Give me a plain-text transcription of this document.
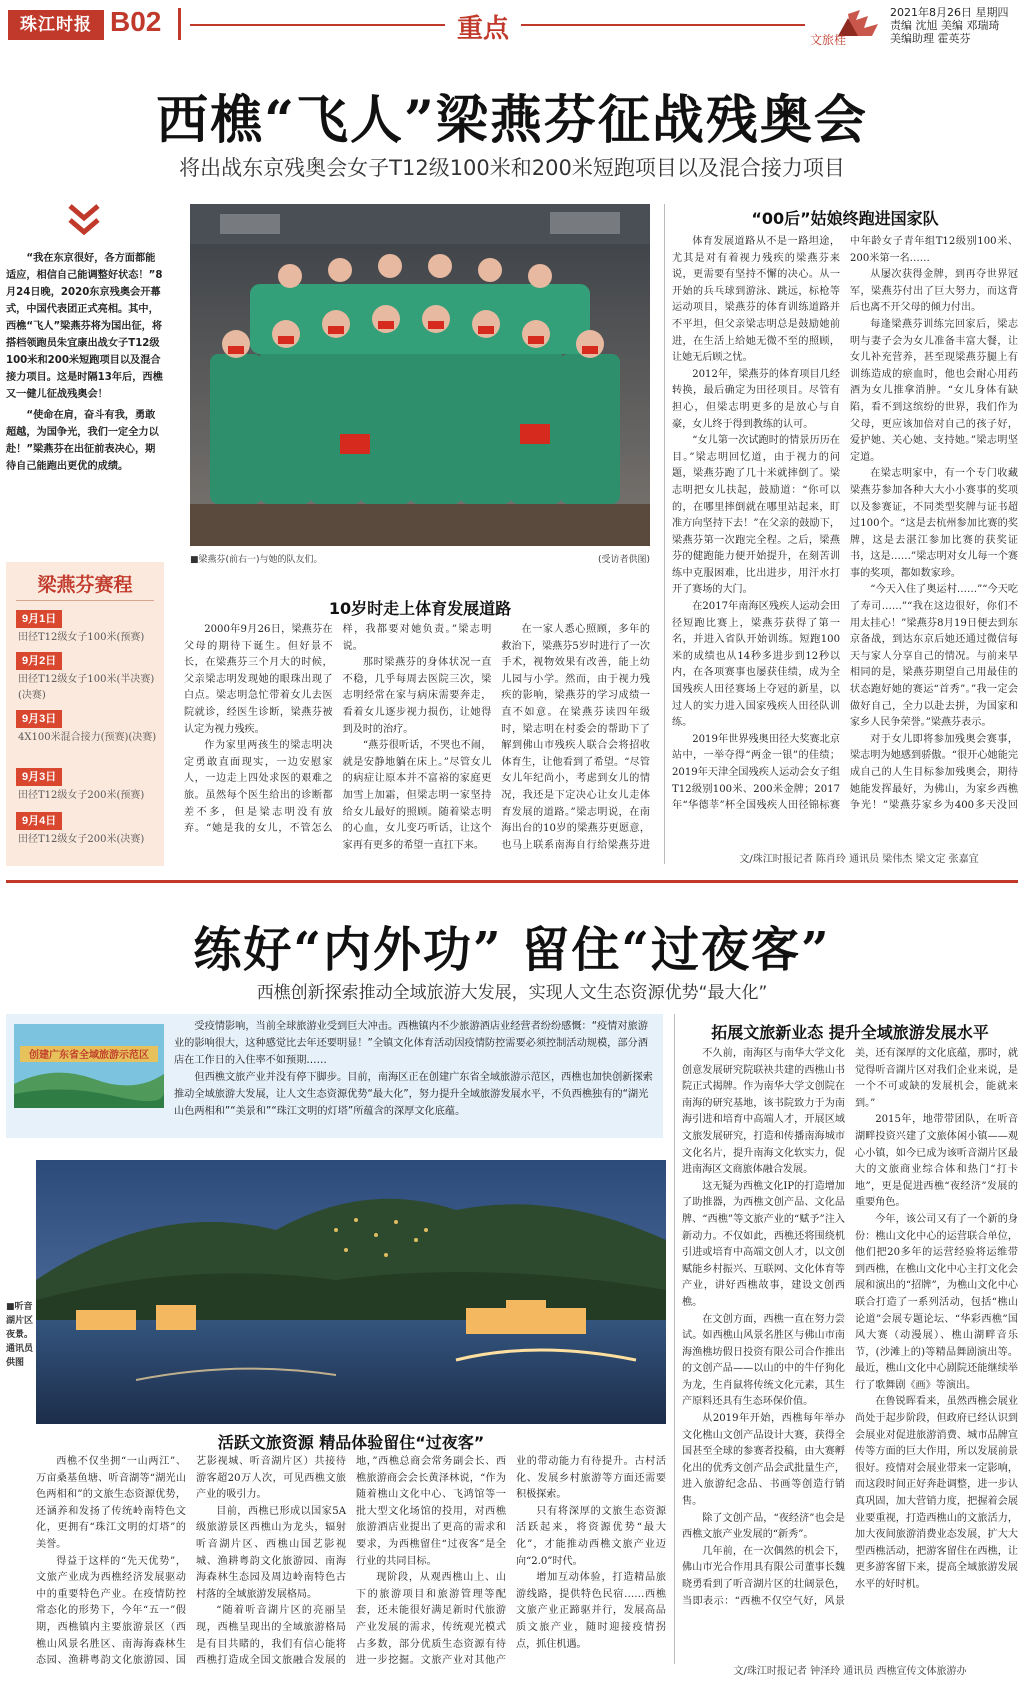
珠江时报 B02	重点	文旅桂
2021年8月26日 星期四
责编 沈旭 美编 邓瑞琦
美编助理 霍英芬
西樵“飞人”梁燕芬征战残奥会
将出战东京残奥会女子T12级100米和200米短跑项目以及混合接力项目

“我在东京很好，各方面都能适应，相信自己能调整好状态！”8月24日晚，2020东京残奥会开幕式，中国代表团正式亮相。其中，西樵“飞人”梁燕芬将为国出征，将搭档领跑员朱宜康出战女子T12级100米和200米短跑项目以及混合接力项目。这是时隔13年后，西樵又一健儿征战残奥会！

“使命在肩，奋斗有我，勇敢超越，为国争光，我们一定全力以赴！”梁燕芬在出征前表决心，期待自己能跑出更优的成绩。

■梁燕芬(前右一)与她的队友们。	(受访者供图)
梁燕芬赛程
9月1日
田径T12级女子100米(预赛)
9月2日
田径T12级女子100米(半决赛)(决赛)
9月3日
4X100米混合接力(预赛)(决赛)
9月3日
田径T12级女子200米(预赛)
9月4日
田径T12级女子200米(决赛)
10岁时走上体育发展道路

2000年9月26日，梁燕芬在父母的期待下诞生。但好景不长，在梁燕芬三个月大的时候，父亲梁志明发现她的眼珠出现了白点。梁志明急忙带着女儿去医院就诊，经医生诊断，梁燕芬被认定为视力残疾。

作为家里两孩生的梁志明决定勇敢直面现实，一边安慰家人，一边走上四处求医的艰难之旅。虽然每个医生给出的诊断都差不多，但是梁志明没有放弃。“她是我的女儿，不管怎么样，我都要对她负责。”梁志明说。

那时梁燕芬的身体状况一直不稳，几乎每周去医院三次，梁志明经常在家与病床需要奔走，看着女儿逐步视力损伤，让她得到及时的治疗。

“燕芬很听话，不哭也不闹，就是安静地躺在床上。”尽管女儿的病症让原本并不富裕的家庭更加雪上加霜，但梁志明一家坚持给女儿最好的照顾。随着梁志明的心血，女儿变巧听话，让这个家再有更多的希望一直扛下来。

在一家人悉心照顾，多年的救治下，梁燕芬5岁时进行了一次手术，视物效果有改善，能上幼儿园与小学。然而，由于视力残疾的影响，梁燕芬的学习成绩一直不如意。在梁燕芬读四年级时，梁志明在村委会的帮助下了解到佛山市残疾人联合会将招收体育生，让他看到了希望。“尽管女儿年纪尚小，考虑到女儿的情况，我还是下定决心让女儿走体育发展的道路。”梁志明说，在南海出台的10岁的梁燕芬更愿意，也马上联系南海自行给梁燕芬进

“00后”姑娘终跑进国家队

体育发展道路从不是一路坦途，尤其是对有着视力残疾的梁燕芬来说，更需要有坚持不懈的决心。从一开始的兵乓球到游泳、跳远，标枪等运动项目，梁燕芬的体育训练道路并不平坦，但父亲梁志明总是鼓励她前进，在生活上给她无微不至的照顾，让她无后顾之忧。

2012年，梁燕芬的体育项目几经转换，最后确定为田径项目。尽管有担心，但梁志明更多的是放心与自豪，女儿终于得到教练的认可。

“女儿第一次试跑时的情景历历在目。”梁志明回忆道，由于视力的问题，梁燕芬跑了几十米就摔倒了。梁志明把女儿扶起，鼓励道：“你可以的，在哪里摔倒就在哪里站起来，盯准方向坚持下去！”在父亲的鼓励下，梁燕芬第一次跑完全程。之后，梁燕芬的健跑能力便开始提升，在刻苦训练中克服困难，比出进步，用汗水打开了赛场的大门。

在2017年南海区残疾人运动会田径短跑比赛上，梁燕芬获得了第一名，并进入省队开始训练。短跑100米的成绩也从14秒多进步到12秒以内，在各项赛事也屡获佳绩，成为全国残疾人田径赛场上夺冠的新星，以过人的实力进入国家残疾人田径队训练。

2019年世界残奥田径大奖赛北京站中，一举夺得“两金一银”的佳绩；2019年天津全国残疾人运动会女子组T12级别100米、200米金牌；2017年“华德莘”杯全国残疾人田径锦标赛中年龄女子青年组T12级别100米、200米第一名……

从屡次获得金牌，到再夺世界冠军，梁燕芬付出了巨大努力，而这背后也离不开父母的倾力付出。

每逢梁燕芬训练完回家后，梁志明与妻子会为女儿准备丰富大餐，让女儿补充营养，甚至现梁燕芬腿上有训练造成的瘀血时，他也会耐心用药酒为女儿推拿消肿。“女儿身体有缺陷，看不到这缤纷的世界，我们作为父母，更应该加倍对自己的孩子好，爱护她、关心她、支持她。”梁志明坚定道。

在梁志明家中，有一个专门收藏梁燕芬参加各种大大小小赛事的奖项以及参赛证，不同类型奖牌与证书超过100个。“这是去杭州参加比赛的奖牌，这是去湛江参加比赛的获奖证书，这是……”梁志明对女儿每一个赛事的奖项，都如数家珍。

“今天入住了奥运村……”“今天吃了寿司……”“我在这边很好，你们不用太挂心！”梁燕芬8月19日便去到东京备战，到达东京后她还通过微信每天与家人分享自己的情况。与前来早相同的是，梁燕芬期望自己用最佳的状态跑好她的赛运“首秀”。”我一定会做好自己，全力以赴去拼，为国家和家乡人民争荣誉。”梁燕芬表示。

对于女儿即将参加残奥会赛事，梁志明为她感到骄傲。“很开心她能完成自己的人生目标参加残奥会，期待她能发挥最好，为佛山，为家乡西樵争光！”梁燕芬家乡为400多天没回

文/珠江时报记者 陈肖玲 通讯员 梁伟杰 梁文定 张嘉宜
练好“内外功” 留住“过夜客”
西樵创新探索推动全域旅游大发展，实现人文生态资源优势“最大化”
创建广东省全域旅游示范区

受疫情影响，当前全球旅游业受到巨大冲击。西樵镇内不少旅游酒店业经营者纷纷感慨：“疫情对旅游业的影响很大，这种感觉比去年还要明显！”全镇文化体育活动因疫情防控需要必须控制活动规模，部分酒店在工作日的入住率不如预期……

但西樵文旅产业并没有停下脚步。目前，南海区正在创建广东省全域旅游示范区，西樵也加快创新探索推动全域旅游大发展，让人文生态资源优势“最大化”，努力提升全域旅游发展水平，不负西樵独有的“湖光山色两相和”“美景和”“珠江文明的灯塔”所蕴含的深厚文化底蕴。

■听音湖片区夜景。通讯员供图
活跃文旅资源 精品体验留住“过夜客”

西樵不仅坐拥“一山两江”、万亩桑基鱼塘、听音湖等“湖光山色两相和”的文旅生态资源优势，还涵养和发扬了传统岭南特色文化，更拥有“珠江文明的灯塔”的美誉。

得益于这样的“先天优势”，文旅产业成为西樵经济发展驱动中的重要特色产业。在疫情防控常态化的形势下，今年“五一”假期，西樵镇内主要旅游景区（西樵山风景名胜区、南海海森林生态园、渔耕粤韵文化旅游园、国艺影视城、听音湖片区）共接待游客超20万人次，可见西樵文旅产业的吸引力。

目前，西樵已形成以国家5A级旅游景区西樵山为龙头，辐射听音湖片区、西樵山国艺影视城、渔耕粤韵文化旅游园、南海海森林生态园及周边岭南特色古村落的全域旅游发展格局。

“随着听音湖片区的亮丽呈现，西樵呈现出的全域旅游格局是有目共睹的，我们有信心能将西樵打造成全国文旅融合发展的地，”西樵总商会常务副会长、西樵旅游商会会长黄泽林说，“作为随着樵山文化中心、飞鸿馆等一批大型文化场馆的投用，对西樵旅游酒店业提出了更高的需求和要求，为西樵留住“过夜客”是全行业的共同目标。

现阶段，从观西樵山上、山下的旅游项目和旅游管理等配套，还未能很好满足新时代旅游产业发展的需求，传统观光模式占多数，部分优质生态资源有待进一步挖掘。文旅产业对其他产业的带动能力有待提升。古村活化、发展乡村旅游等方面还需要积极探索。

只有将深厚的文旅生态资源活跃起来，将资源优势“最大化”，才能推动西樵文旅产业迈向“2.0”时代。

增加互动体验，打造精品旅游线路，提供特色民宿……西樵文旅产业正蹄驱并行，发展高品质文旅产业，随时迎接疫情拐点，抓住机遇。

拓展文旅新业态 提升全域旅游发展水平

不久前，南海区与南华大学文化创意发展研究院联袂共建的西樵山书院正式揭牌。作为南华大学文创院在南海的研究基地，该书院致力于为南海引进和培育中高端人才，开展区域文旅发展研究，打造和传播南海城市文化名片，提升南海文化软实力，促进南海区文商旅体融合发展。

这无疑为西樵文化IP的打造增加了助推器，为西樵文创产品、文化品牌、“西樵”等文旅产业的“赋予”注入新动力。不仅如此，西樵还将围绕机引进或培育中高端文创人才，以文创赋能乡村振兴、互联网、文化体育等产业，讲好西樵故事，建设文创西樵。

在文创方面，西樵一直在努力尝试。如西樵山风景名胜区与佛山市南海渔樵坊假日投资有限公司合作推出的文创产品——以山的中的牛仔狗化为龙，生肖鼠将传统文化元素，其生产原料还具有生态环保价值。

从2019年开始，西樵每年举办文化樵山文创产品设计大赛，获得全国甚至全球的参赛者投稿，由大赛孵化出的优秀文创产品会武批量生产，进入旅游纪念品、书画等创造行销售。

除了文创产品，“夜经济”也会是西樵文旅产业发展的“新秀”。

几年前，在一次偶然的机会下，佛山市光合作用具有限公司董事长魏晓勇看到了听音湖片区的壮阔景色，当即表示：“西樵不仅空气好，风景美，还有深厚的文化底蕴，那时，就觉得听音湖片区对我们企业来说，是一个不可或缺的发展机会，能就来到。”

2015年，地带带团队，在听音湖畔投资兴建了文旅体闲小镇——观心小镇，如今已成为该听音湖片区最大的文旅商业综合体和热门“打卡地”，更是促进西樵“夜经济”发展的重要角色。

今年，该公司又有了一个新的身份：樵山文化中心的运营联合单位，他们把20多年的运营经验将运维带到西樵，在樵山文化中心主打文化会展和演出的“招牌”，为樵山文化中心联合打造了一系列活动，包括“樵山论道”会展专题论坛、“华彩西樵”国风大赛（动漫展）、樵山湖畔音乐节，(沙滩上的)等精品舞剧演出等。最近，樵山文化中心剧院还能继续举行了歌舞剧《画》等演出。

在鲁锐晖看来，虽然西樵会展业尚处于起步阶段，但政府已经认识到会展业对促进旅游消费、城市品牌宣传等方面的巨大作用，所以发展前景很好。疫情对会展业带来一定影响，而这段时间正好奔赴调整，进一步认真巩固，加大营销力度，把握着会展业要重视，打造西樵山的文旅活力，加大夜间旅游消费业态发展，扩大大型西樵活动，把游客留住在西樵，让更多游客留下来，提高全域旅游发展水平的好时机。

文/珠江时报记者 钟泽玲 通讯员 西樵宣传文体旅游办
